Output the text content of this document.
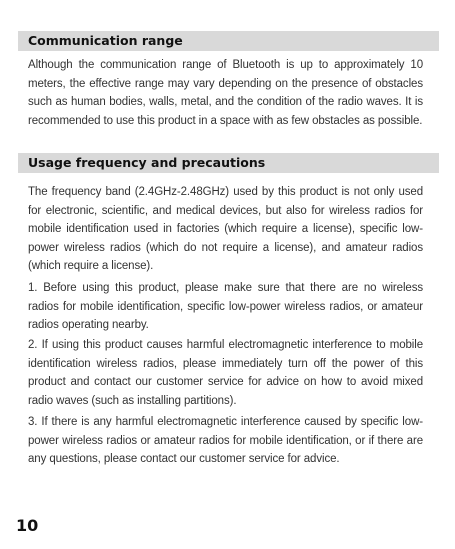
Communication range

Although the communication range of Bluetooth is up to approximately 10 meters, the effective range may vary depending on the presence of obstacles such as human bodies, walls, metal, and the condition of the radio waves. It is recommended to use this product in a space with as few obstacles as possible.

Usage frequency and precautions

The frequency band (2.4GHz-2.48GHz) used by this product is not only used for electronic, scientific, and medical devices, but also for wireless radios for mobile identification used in factories (which require a license), specific low-power wireless radios (which do not require a license), and amateur radios (which require a license).

1. Before using this product, please make sure that there are no wireless radios for mobile identification, specific low-power wireless radios, or amateur radios operating nearby.

2. If using this product causes harmful electromagnetic interference to mobile identification wireless radios, please immediately turn off the power of this product and contact our customer service for advice on how to avoid mixed radio waves (such as installing partitions).

3. If there is any harmful electromagnetic interference caused by specific low-power wireless radios or amateur radios for mobile identification, or if there are any questions, please contact our customer service for advice.

10
